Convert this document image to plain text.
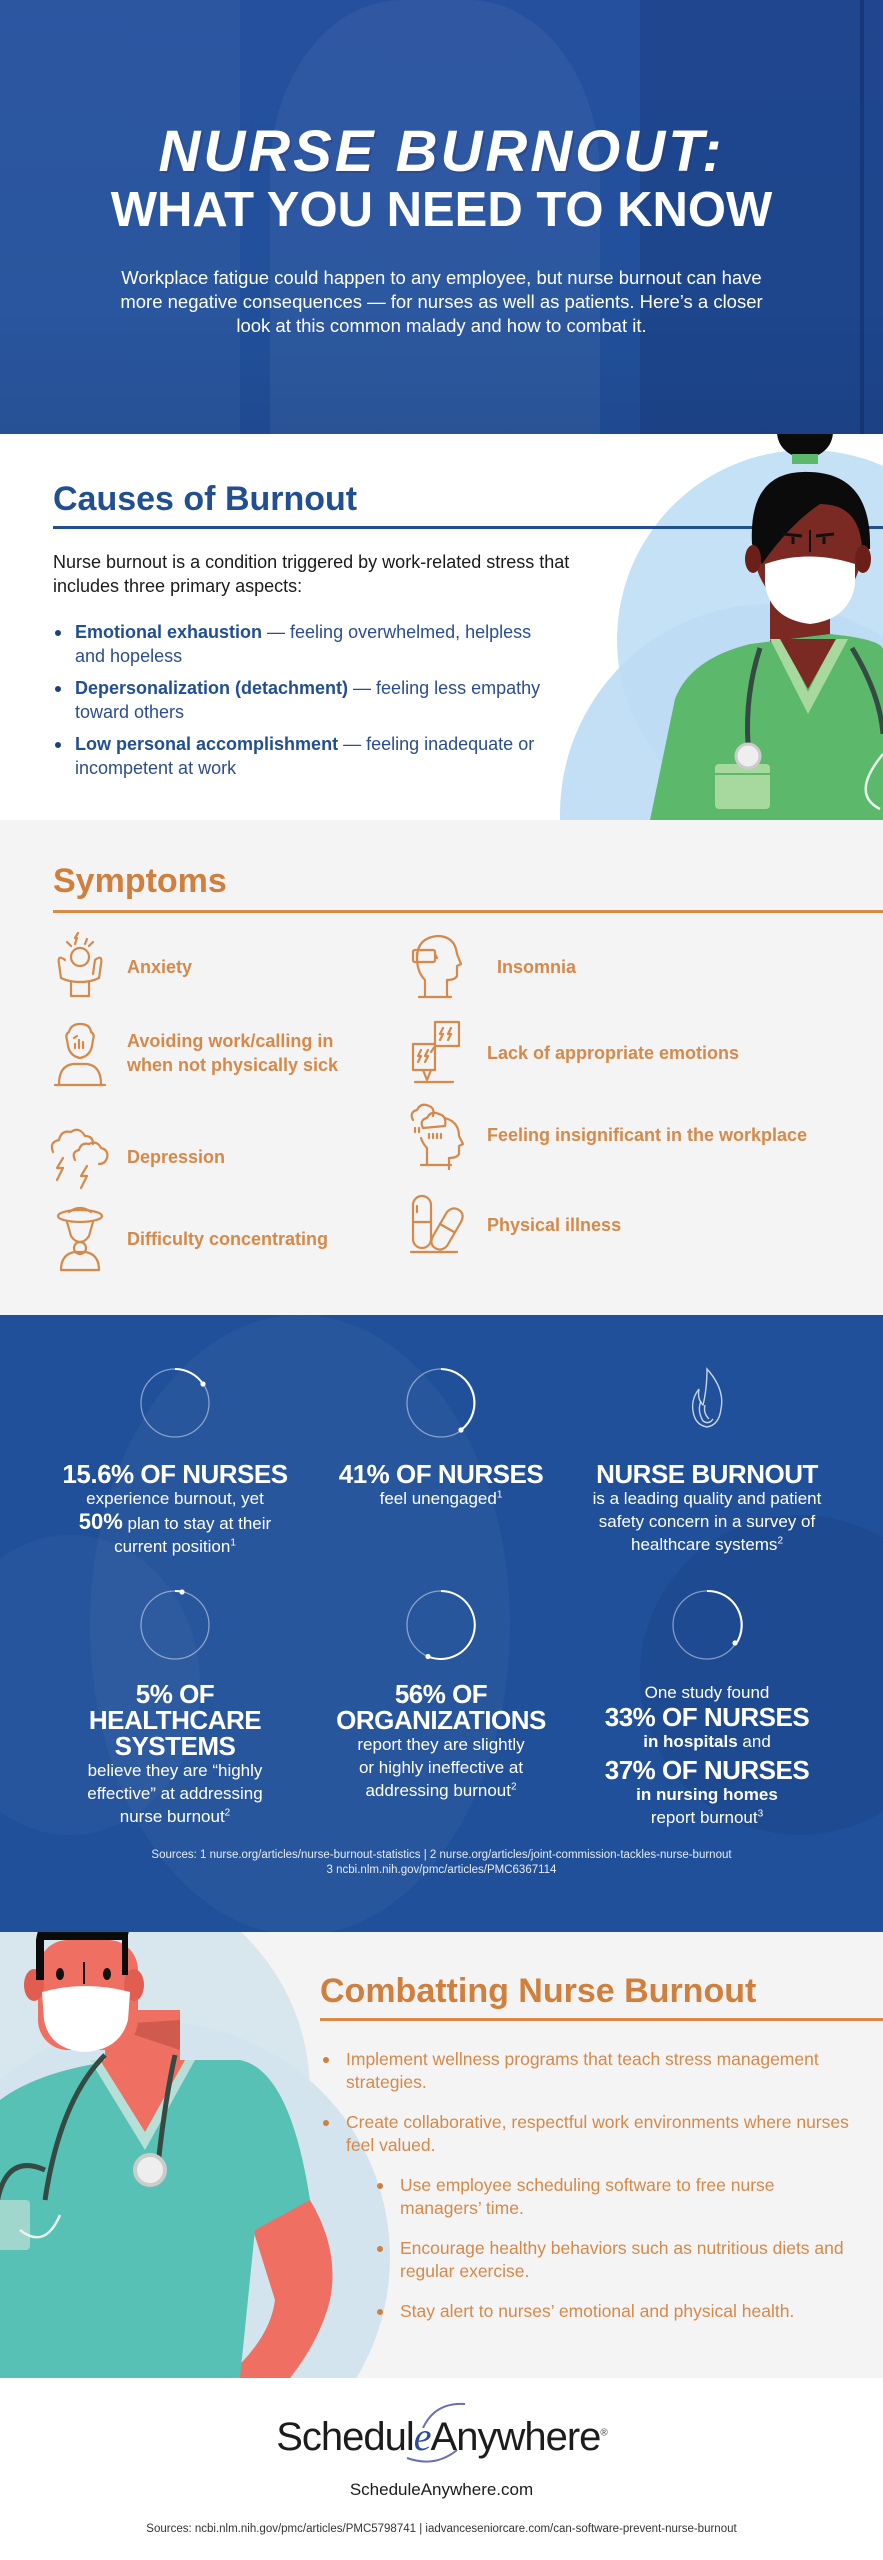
NURSE BURNOUT:
WHAT YOU NEED TO KNOW

Workplace fatigue could happen to any employee, but nurse burnout can have more negative consequences — for nurses as well as patients. Here’s a closer look at this common malady and how to combat it.

Causes of Burnout

Nurse burnout is a condition triggered by work-related stress that includes three primary aspects:

Emotional exhaustion — feeling overwhelmed, helpless and hopeless
Depersonalization (detachment) — feeling less empathy toward others
Low personal accomplishment — feeling inadequate or incompetent at work
Symptoms
Anxiety
Avoiding work/calling in when not physically sick
Depression
Difficulty concentrating
Insomnia
Lack of appropriate emotions
Feeling insignificant in the workplace
Physical illness
15.6% OF NURSES
experience burnout, yet
50% plan to stay at their
current position$^1$
41% OF NURSES
feel unengaged$^1$
NURSE BURNOUT
is a leading quality and patient
safety concern in a survey of
healthcare systems$^2$
5% OF
HEALTHCARE
SYSTEMS
believe they are “highly
effective” at addressing
nurse burnout$^2$
56% OF
ORGANIZATIONS
report they are slightly
or highly ineffective at
addressing burnout$^2$
One study found
33% OF NURSES
in hospitals and
37% OF NURSES
in nursing homes
report burnout$^3$
Sources: 1 nurse.org/articles/nurse-burnout-statistics | 2 nurse.org/articles/joint-commission-tackles-nurse-burnout
3 ncbi.nlm.nih.gov/pmc/articles/PMC6367114
Combatting Nurse Burnout
Implement wellness programs that teach stress management strategies.
Create collaborative, respectful work environments where nurses feel valued.
Use employee scheduling software to free nurse managers’ time.
Encourage healthy behaviors such as nutritious diets and regular exercise.
Stay alert to nurses’ emotional and physical health.
ScheduleAnywhere®
ScheduleAnywhere.com
Sources: ncbi.nlm.nih.gov/pmc/articles/PMC5798741 | iadvanceseniorcare.com/can-software-prevent-nurse-burnout
